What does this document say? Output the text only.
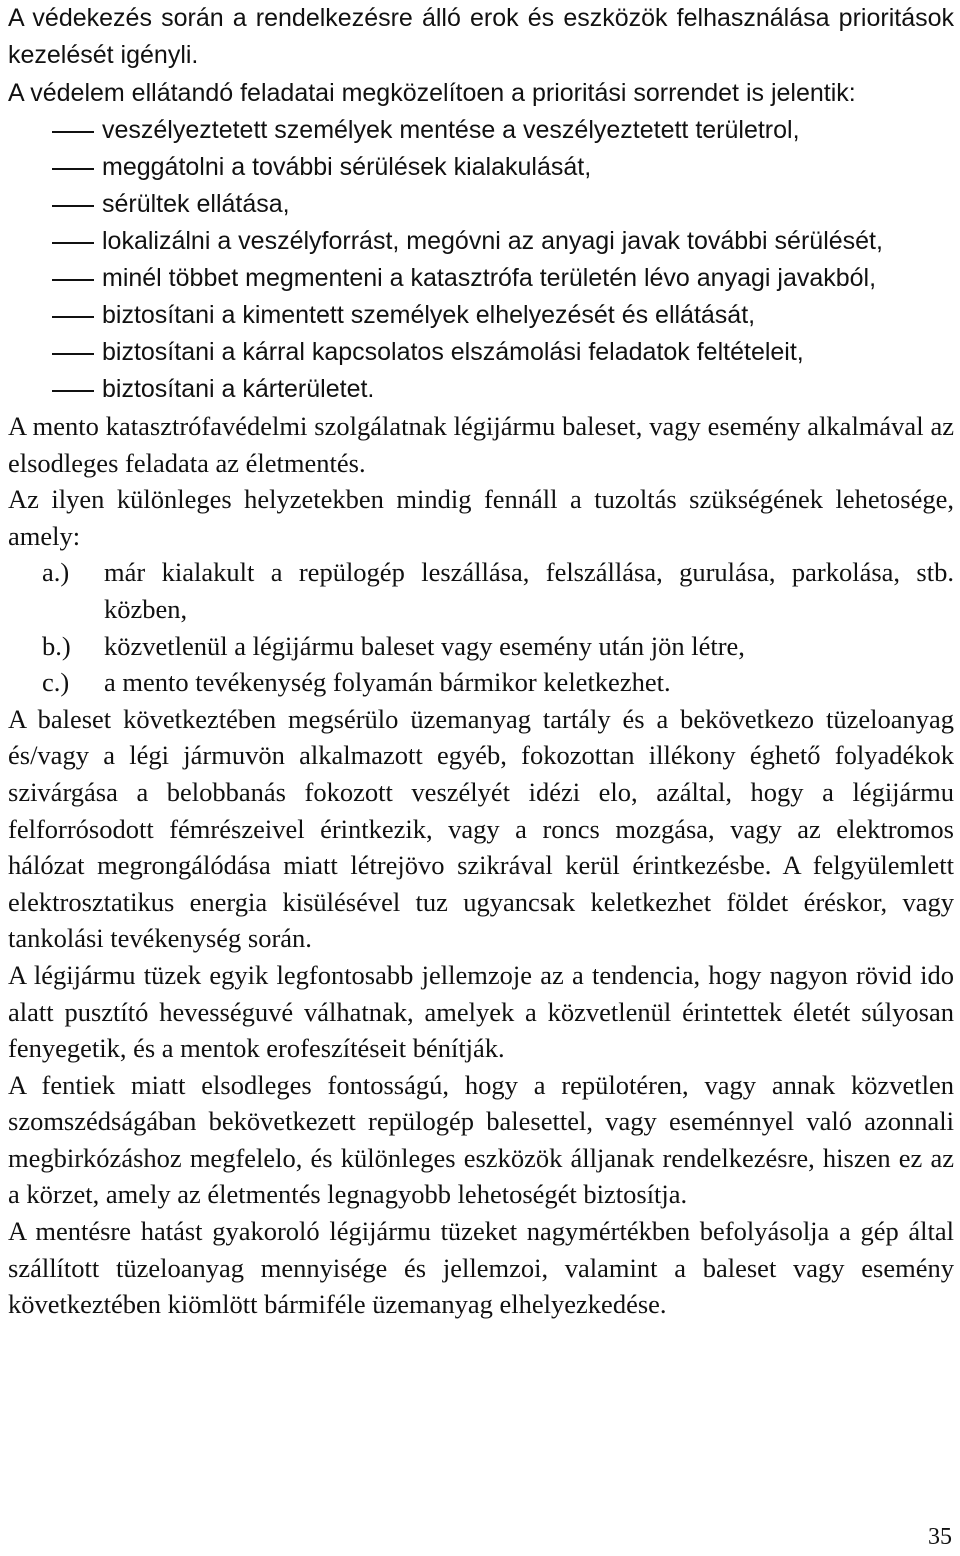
A védekezés során a rendelkezésre álló erok és eszközök felhasználása prioritások kezelését igényli.

A védelem ellátandó feladatai megközelítoen a prioritási sorrendet is jelentik:

veszélyeztetett személyek mentése a veszélyeztetett területrol,
meggátolni a további sérülések kialakulását,
sérültek ellátása,
lokalizálni a veszélyforrást, megóvni az anyagi javak további sérülését,
minél többet megmenteni a katasztrófa területén lévo anyagi javakból,
biztosítani a kimentett személyek elhelyezését és ellátását,
biztosítani a kárral kapcsolatos elszámolási feladatok feltételeit,
biztosítani a kárterületet.

A mento katasztrófavédelmi szolgálatnak légijármu baleset, vagy esemény alkalmával az elsodleges feladata az életmentés.

Az ilyen különleges helyzetekben mindig fennáll a tuzoltás szükségének lehetosége, amely:

a.) már kialakult a repülogép leszállása, felszállása, gurulása, parkolása, stb. közben,
b.) közvetlenül a légijármu baleset vagy esemény után jön létre,
c.) a mento tevékenység folyamán bármikor keletkezhet.

A baleset következtében megsérülo üzemanyag tartály és a bekövetkezo tüzeloanyag és/vagy a légi jármuvön alkalmazott egyéb, fokozottan illékony éghető folyadékok szivárgása a belobbanás fokozott veszélyét idézi elo, azáltal, hogy a légijármu felforrósodott fémrészeivel érintkezik, vagy a roncs mozgása, vagy az elektromos hálózat megrongálódása miatt létrejövo szikrával kerül érintkezésbe. A felgyülemlett elektrosztatikus energia kisülésével tuz ugyancsak keletkezhet földet éréskor, vagy tankolási tevékenység során.

A légijármu tüzek egyik legfontosabb jellemzoje az a tendencia, hogy nagyon rövid ido alatt pusztító hevességuvé válhatnak, amelyek a közvetlenül érintettek életét súlyosan fenyegetik, és a mentok erofeszítéseit bénítják.

A fentiek miatt elsodleges fontosságú, hogy a repülotéren, vagy annak közvetlen szomszédságában bekövetkezett repülogép balesettel, vagy eseménnyel való azonnali megbirkózáshoz megfelelo, és különleges eszközök álljanak rendelkezésre, hiszen ez az a körzet, amely az életmentés legnagyobb lehetoségét biztosítja.

A mentésre hatást gyakoroló légijármu tüzeket nagymértékben befolyásolja a gép által szállított tüzeloanyag mennyisége és jellemzoi, valamint a baleset vagy esemény következtében kiömlött bármiféle üzemanyag elhelyezkedése.

35
